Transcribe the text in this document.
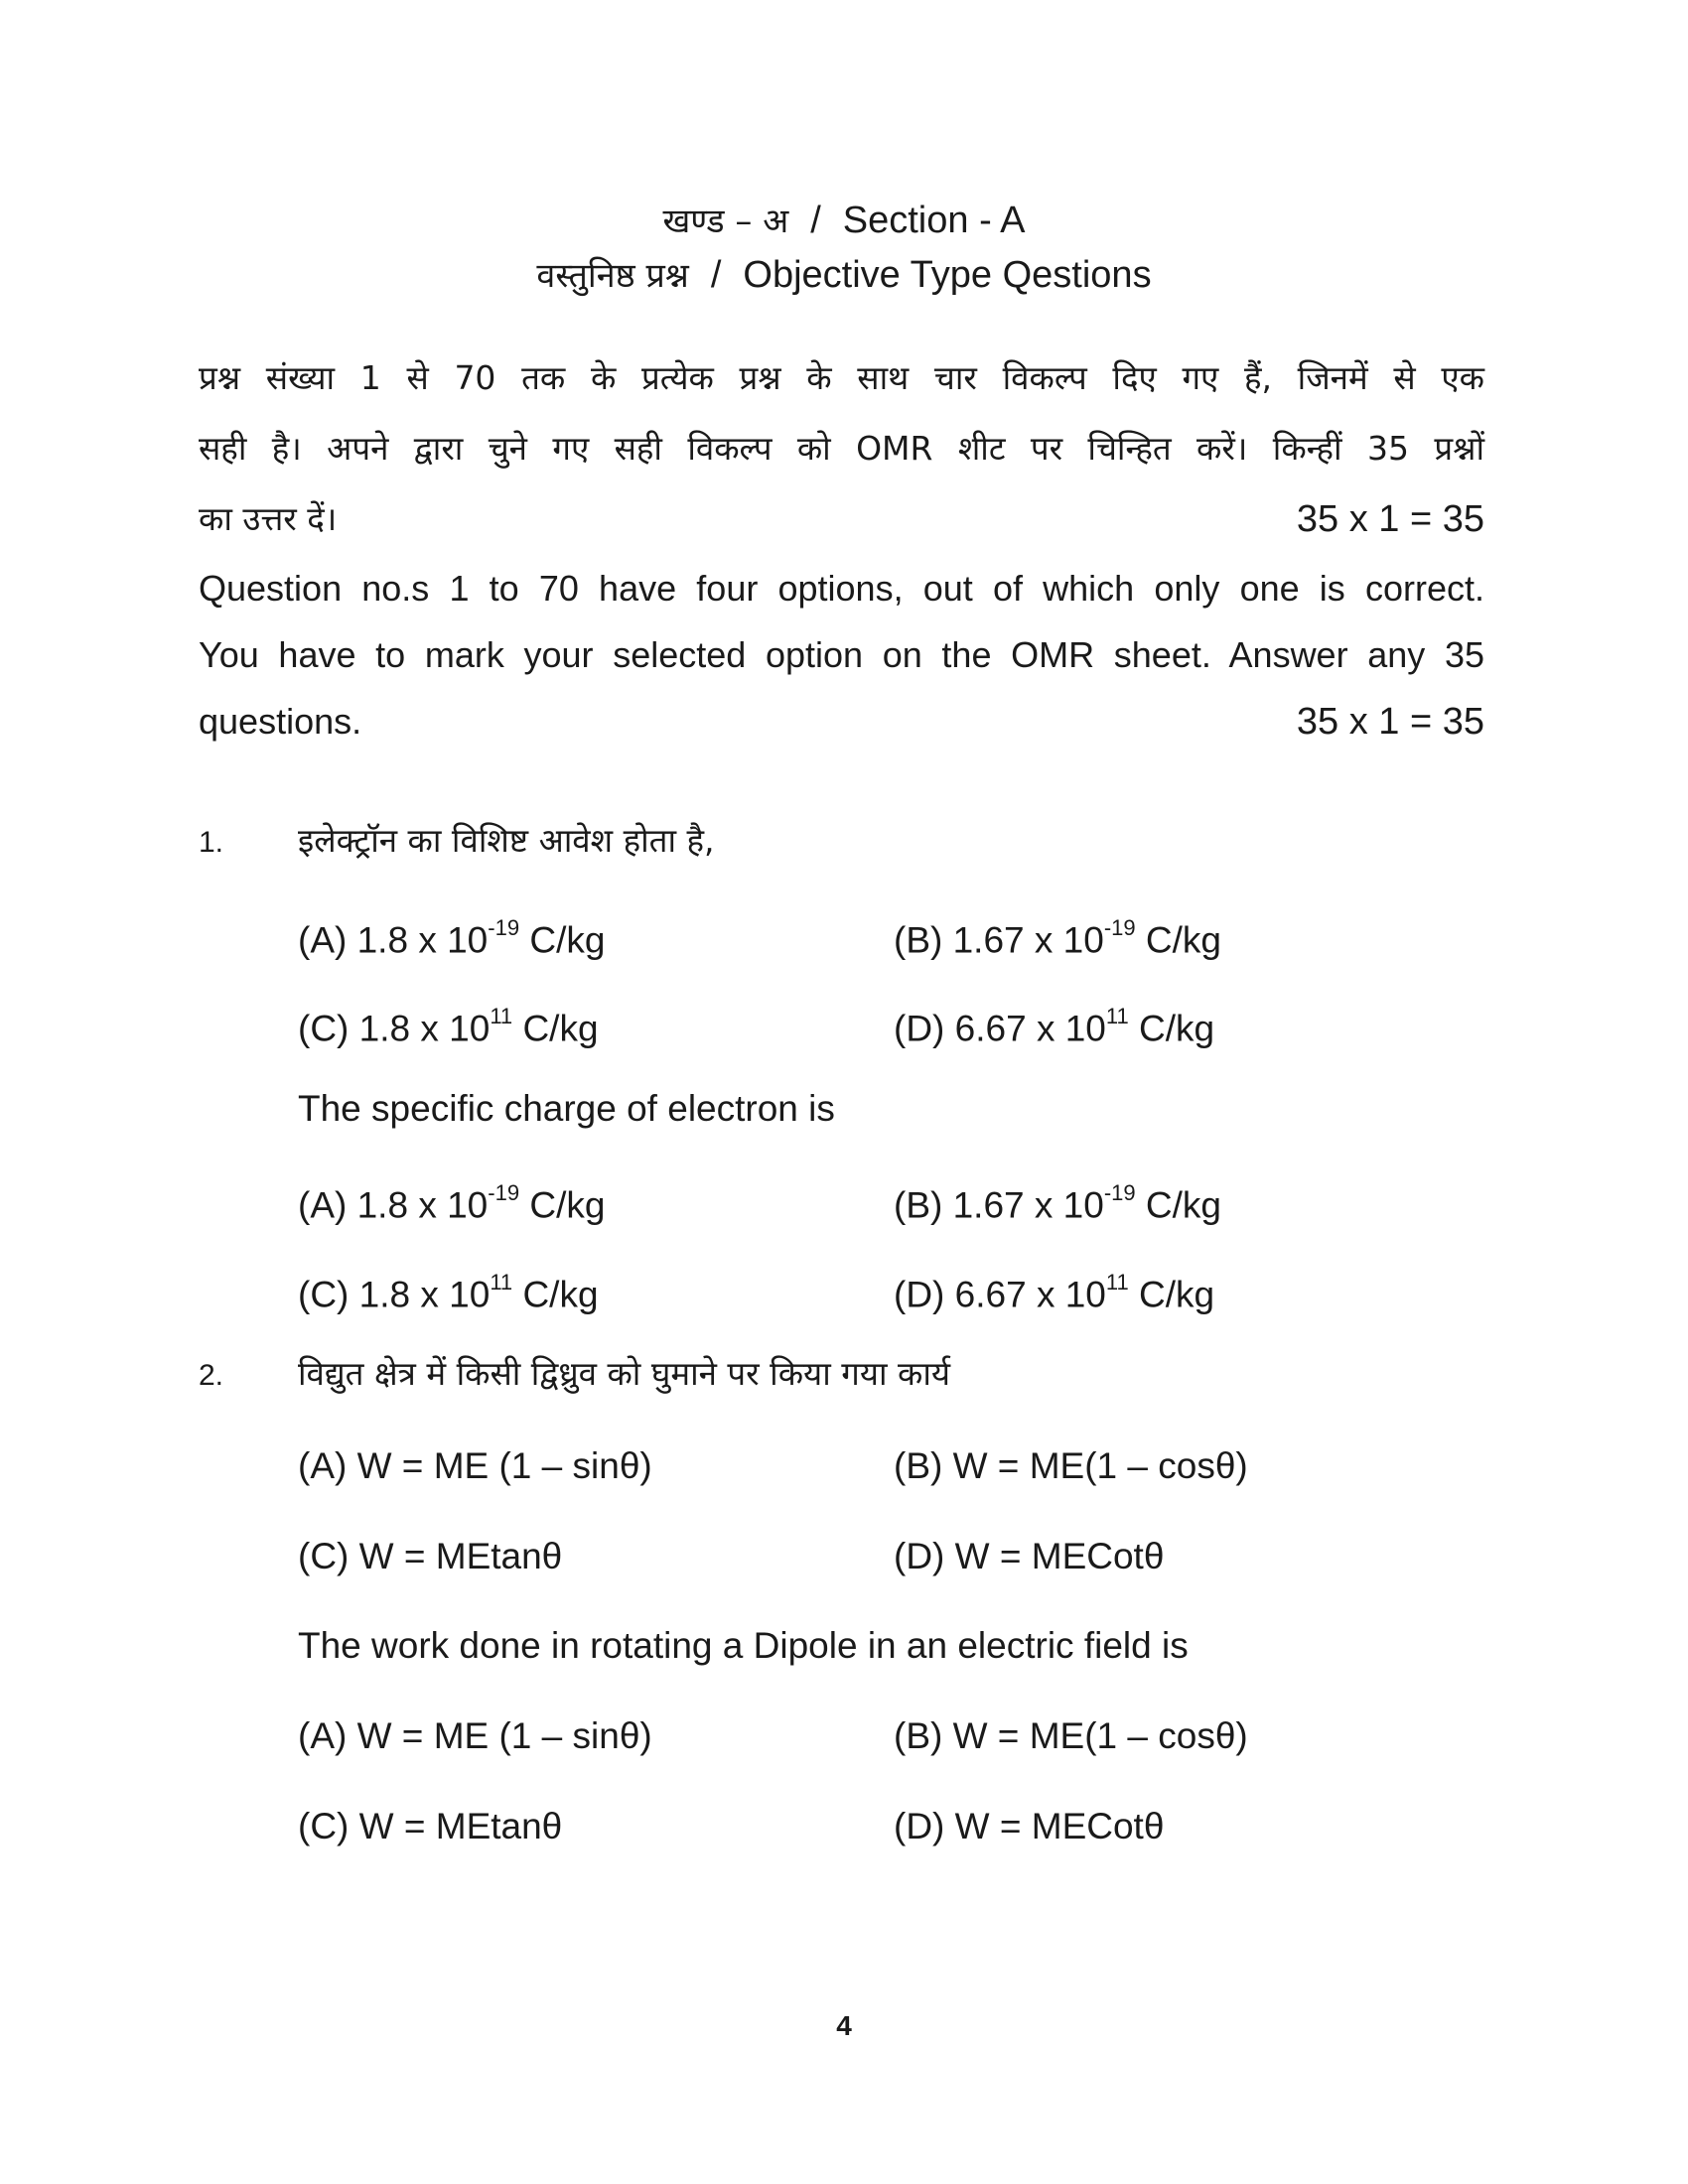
खण्ड – अ / Section - A
वस्तुनिष्ठ प्रश्न / Objective Type Qestions
प्रश्न संख्या 1 से 70 तक के प्रत्येक प्रश्न के साथ चार विकल्प दिए गए हैं, जिनमें से एक
सही है। अपने द्वारा चुने गए सही विकल्प को OMR शीट पर चिन्हित करें। किन्हीं 35 प्रश्नों
का उत्तर दें।	35 x 1 = 35
Question no.s 1 to 70 have four options, out of which only one is correct.
You have to mark your selected option on the OMR sheet. Answer any 35
questions.	35 x 1 = 35
1. इलेक्ट्रॉन का विशिष्ट आवेश होता है,
(A) 1.8 x $10^{-19}$ C/kg	(B) 1.67 x $10^{-19}$ C/kg
(C) 1.8 x $10^{11}$ C/kg	(D) 6.67 x $10^{11}$ C/kg
The specific charge of electron is
(A) 1.8 x $10^{-19}$ C/kg	(B) 1.67 x $10^{-19}$ C/kg
(C) 1.8 x $10^{11}$ C/kg	(D) 6.67 x $10^{11}$ C/kg
2. विद्युत क्षेत्र में किसी द्विध्रुव को घुमाने पर किया गया कार्य
(A) W = ME (1 – sinθ)	(B) W = ME(1 – cosθ)
(C) W = MEtanθ	(D) W = MECotθ
The work done in rotating a Dipole in an electric field is
(A) W = ME (1 – sinθ)	(B) W = ME(1 – cosθ)
(C) W = MEtanθ	(D) W = MECotθ
4
